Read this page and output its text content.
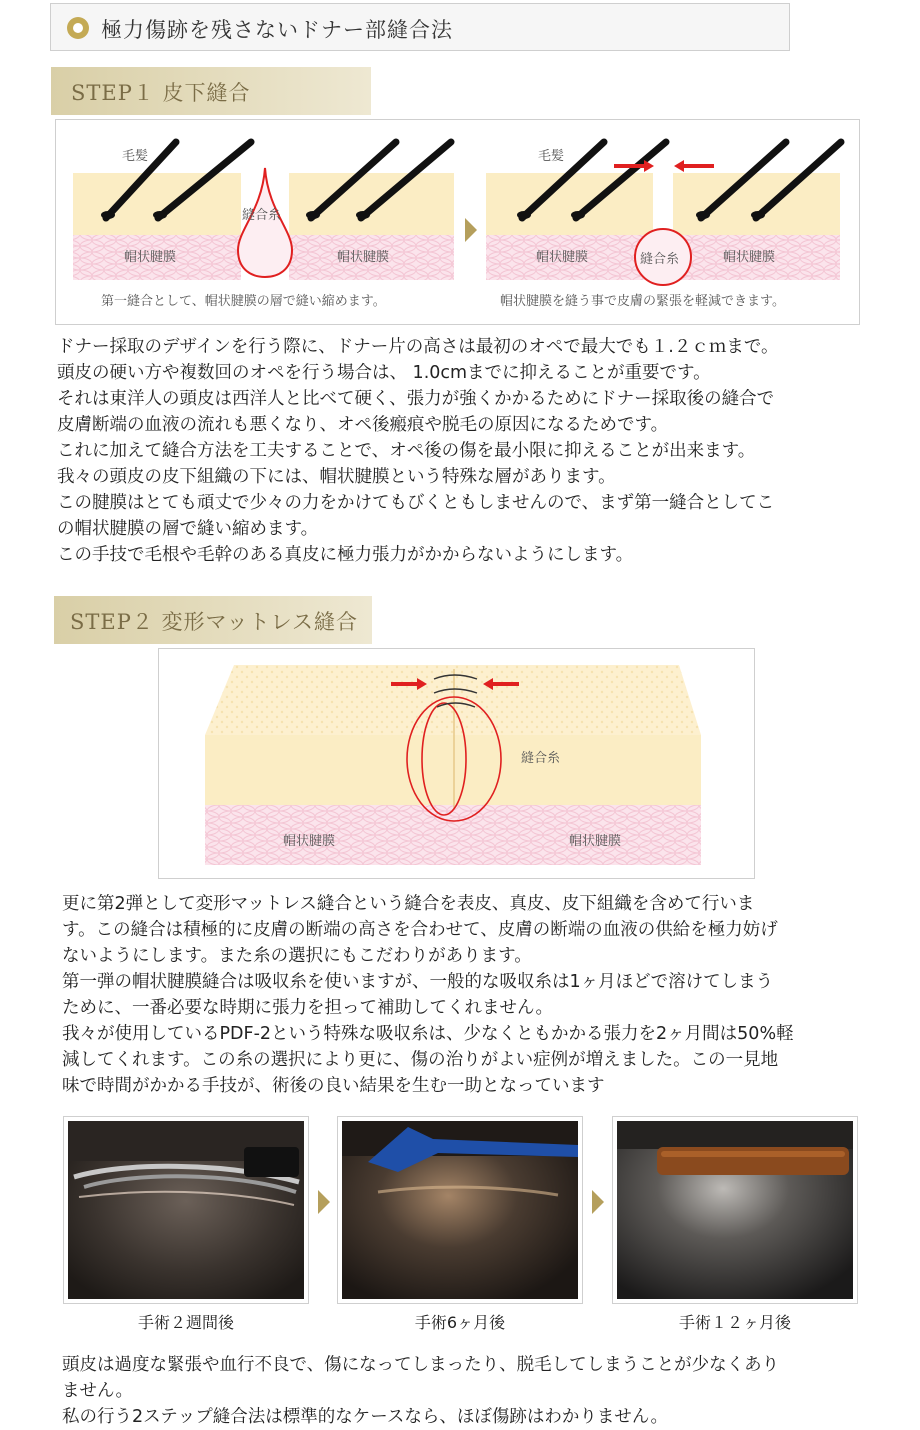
極力傷跡を残さないドナー部縫合法
STEP１ 皮下縫合
毛髪
縫合糸
帽状腱膜	帽状腱膜
第一縫合として、帽状腱膜の層で縫い縮めます。
毛髪
縫合糸
帽状腱膜	帽状腱膜
帽状腱膜を縫う事で皮膚の緊張を軽減できます。
ドナー採取のデザインを行う際に、ドナー片の高さは最初のオペで最大でも１.２ｃｍまで。
頭皮の硬い方や複数回のオペを行う場合は、 1.0cmまでに抑えることが重要です。
それは東洋人の頭皮は西洋人と比べて硬く、張力が強くかかるためにドナー採取後の縫合で
皮膚断端の血液の流れも悪くなり、オペ後瘢痕や脱毛の原因になるためです。
これに加えて縫合方法を工夫することで、オペ後の傷を最小限に抑えることが出来ます。
我々の頭皮の皮下組織の下には、帽状腱膜という特殊な層があります。
この腱膜はとても頑丈で少々の力をかけてもびくともしませんので、まず第一縫合としてこ
の帽状腱膜の層で縫い縮めます。
この手技で毛根や毛幹のある真皮に極力張力がかからないようにします。
STEP２ 変形マットレス縫合
縫合糸
帽状腱膜	帽状腱膜
更に第2弾として変形マットレス縫合という縫合を表皮、真皮、皮下組織を含めて行いま
す。この縫合は積極的に皮膚の断端の高さを合わせて、皮膚の断端の血液の供給を極力妨げ
ないようにします。また糸の選択にもこだわりがあります。
第一弾の帽状腱膜縫合は吸収糸を使いますが、一般的な吸収糸は1ヶ月ほどで溶けてしまう
ために、一番必要な時期に張力を担って補助してくれません。
我々が使用しているPDF-2という特殊な吸収糸は、少なくともかかる張力を2ヶ月間は50%軽
減してくれます。この糸の選択により更に、傷の治りがよい症例が増えました。この一見地
味で時間がかかる手技が、術後の良い結果を生む一助となっています
手術２週間後	手術6ヶ月後	手術１２ヶ月後
頭皮は過度な緊張や血行不良で、傷になってしまったり、脱毛してしまうことが少なくあり
ません。
私の行う2ステップ縫合法は標準的なケースなら、ほぼ傷跡はわかりません。
